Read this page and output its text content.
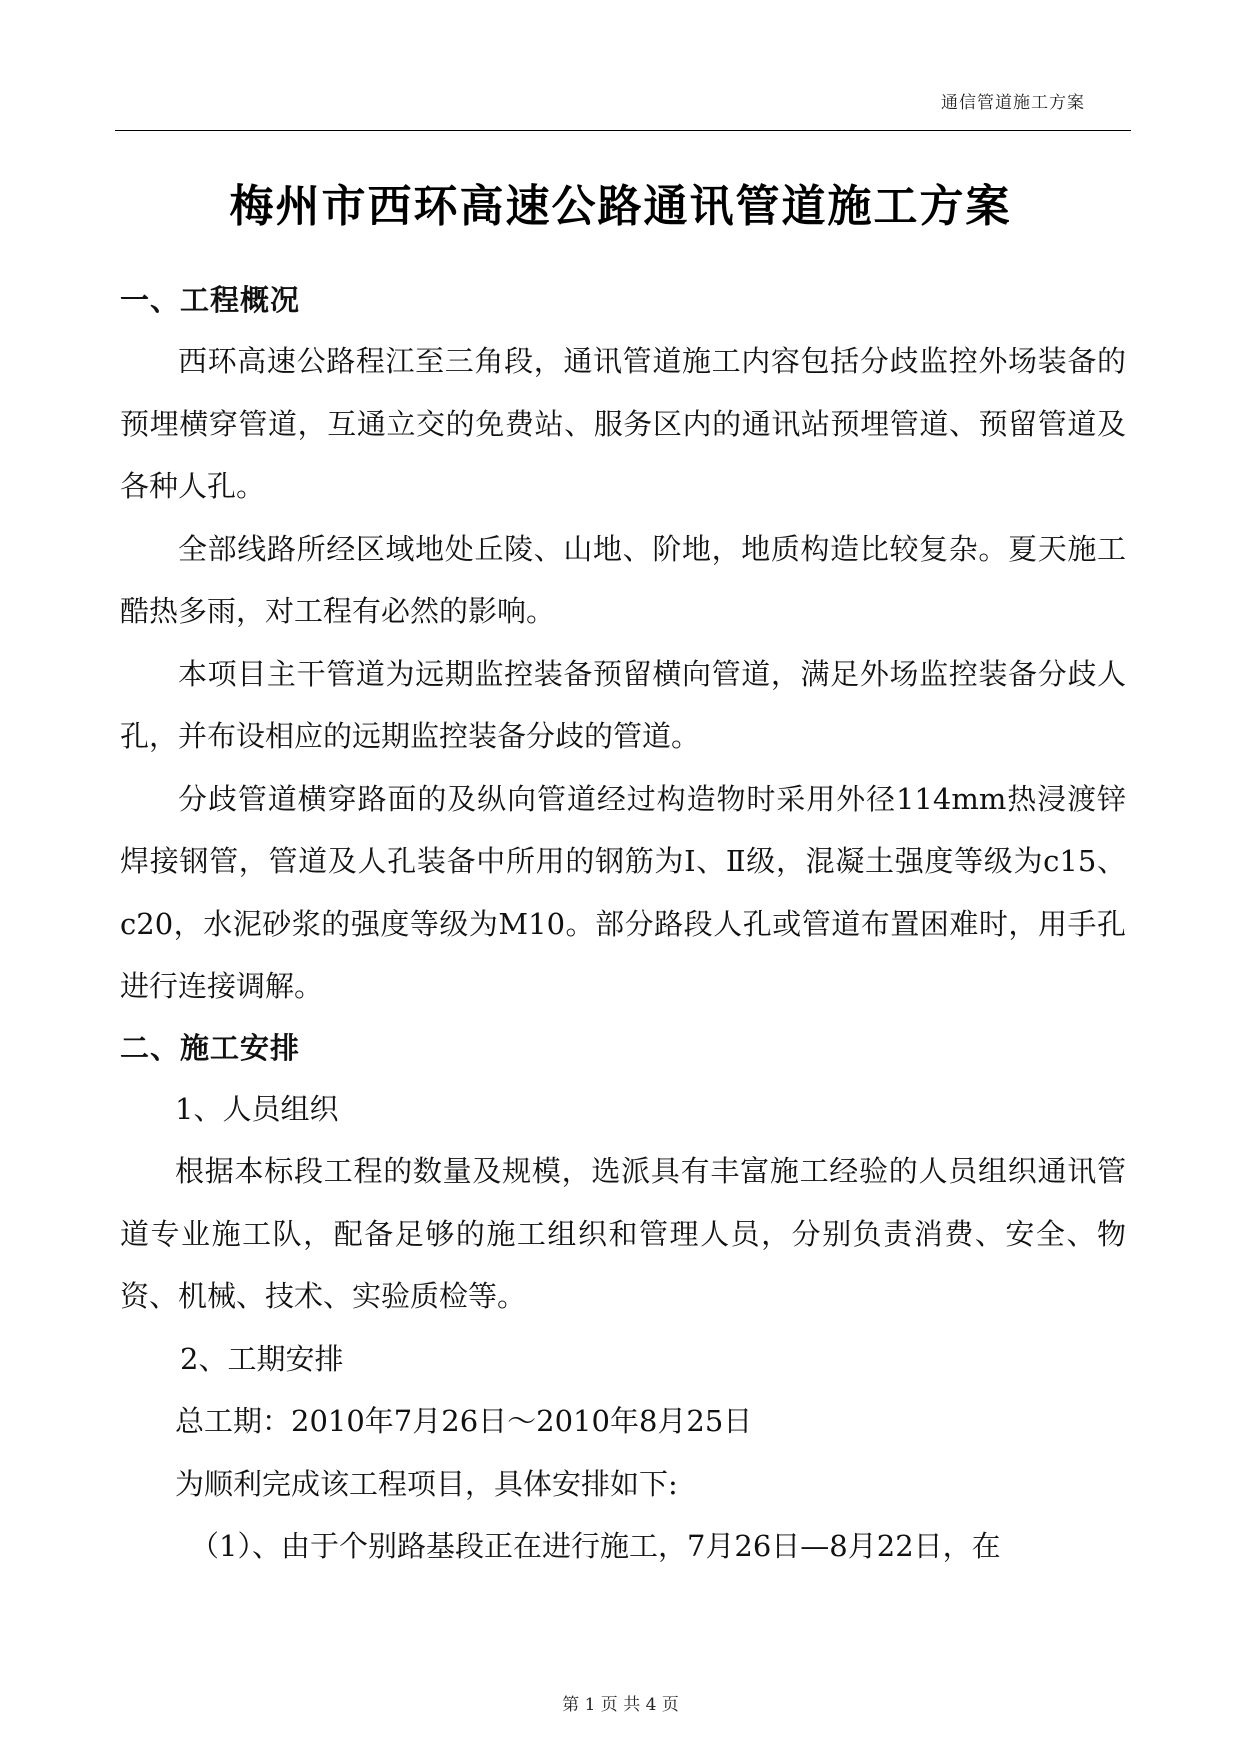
通信管道施工方案
梅州市西环高速公路通讯管道施工方案
一、工程概况

西环高速公路程江至三角段，通讯管道施工内容包括分歧监控外场装备的预埋横穿管道，互通立交的免费站、服务区内的通讯站预埋管道、预留管道及各种人孔。

全部线路所经区域地处丘陵、山地、阶地，地质构造比较复杂。夏天施工酷热多雨，对工程有必然的影响。

本项目主干管道为远期监控装备预留横向管道，满足外场监控装备分歧人孔，并布设相应的远期监控装备分歧的管道。

分歧管道横穿路面的及纵向管道经过构造物时采用外径114mm热浸渡锌焊接钢管，管道及人孔装备中所用的钢筋为Ⅰ、Ⅱ级，混凝土强度等级为c15、c20，水泥砂浆的强度等级为M10。部分路段人孔或管道布置困难时，用手孔进行连接调解。

二、施工安排

1、人员组织

根据本标段工程的数量及规模，选派具有丰富施工经验的人员组织通讯管道专业施工队，配备足够的施工组织和管理人员，分别负责消费、安全、物资、机械、技术、实验质检等。

2、工期安排

总工期：2010年7月26日～2010年8月25日

为顺利完成该工程项目，具体安排如下:

（1）、由于个别路基段正在进行施工，7月26日—8月22日，在

第 1 页 共 4 页
